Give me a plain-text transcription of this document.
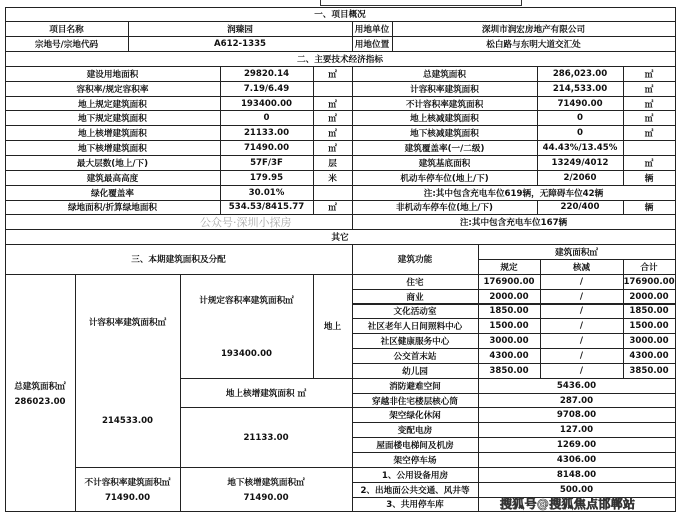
一、项目概况
项目名称	润臻园	用地单位	深圳市润宏房地产有限公司
宗地号/宗地代码	A612-1335	用地位置	松白路与东明大道交汇处
二、主要技术经济指标
建设用地面积	29820.14	㎡	总建筑面积	286,023.00	㎡
容积率/规定容积率	7.19/6.49	计容积率建筑面积	214,533.00	㎡
地上规定建筑面积	193400.00	㎡	不计容积率建筑面积	71490.00	㎡
地下规定建筑面积	0	㎡	地上核减建筑面积	0	㎡
地上核增建筑面积	21133.00	㎡	地下核减建筑面积	0	㎡
地下核增建筑面积	71490.00	㎡	建筑覆盖率(一/二级)	44.43%/13.45%
最大层数(地上/下)	57F/3F	层	建筑基底面积	13249/4012	㎡
建筑最高高度	179.95	米	机动车停车位(地上/下)	2/2060	辆
绿化覆盖率	30.01%	注:其中包含充电车位619辆，无障碍车位42辆
绿地面积/折算绿地面积	534.53/8415.77	㎡	非机动车停车位(地上/下)	220/400	辆
注:其中包含充电车位167辆
其它
三、本期建筑面积及分配	建筑功能
建筑面积㎡
规定	核减	合计
总建筑面积㎡
286023.00
计容积率建筑面积㎡
214533.00
计规定容积率建筑面积㎡
193400.00
地上
住宅	176900.00	/	176900.00
商业	2000.00	/	2000.00
文化活动室	1850.00	/	1850.00
社区老年人日间照料中心	1500.00	/	1500.00
社区健康服务中心	3000.00	/	3000.00
公交首末站	4300.00	/	4300.00
幼儿园	3850.00	/	3850.00
地上核增建筑面积 ㎡
21133.00
不计容积率建筑面积㎡
71490.00
地下核增建筑面积㎡
71490.00
消防避难空间	5436.00
穿越非住宅楼层核心筒	287.00
架空绿化休闲	9708.00
变配电房	127.00
屋面楼电梯间及机房	1269.00
架空停车场	4306.00
1、公用设备用房	8148.00
2、出地面公共交通、风井等	500.00
3、共用停车库
公众号·深圳小探房
搜狐号@搜狐焦点邯郸站
